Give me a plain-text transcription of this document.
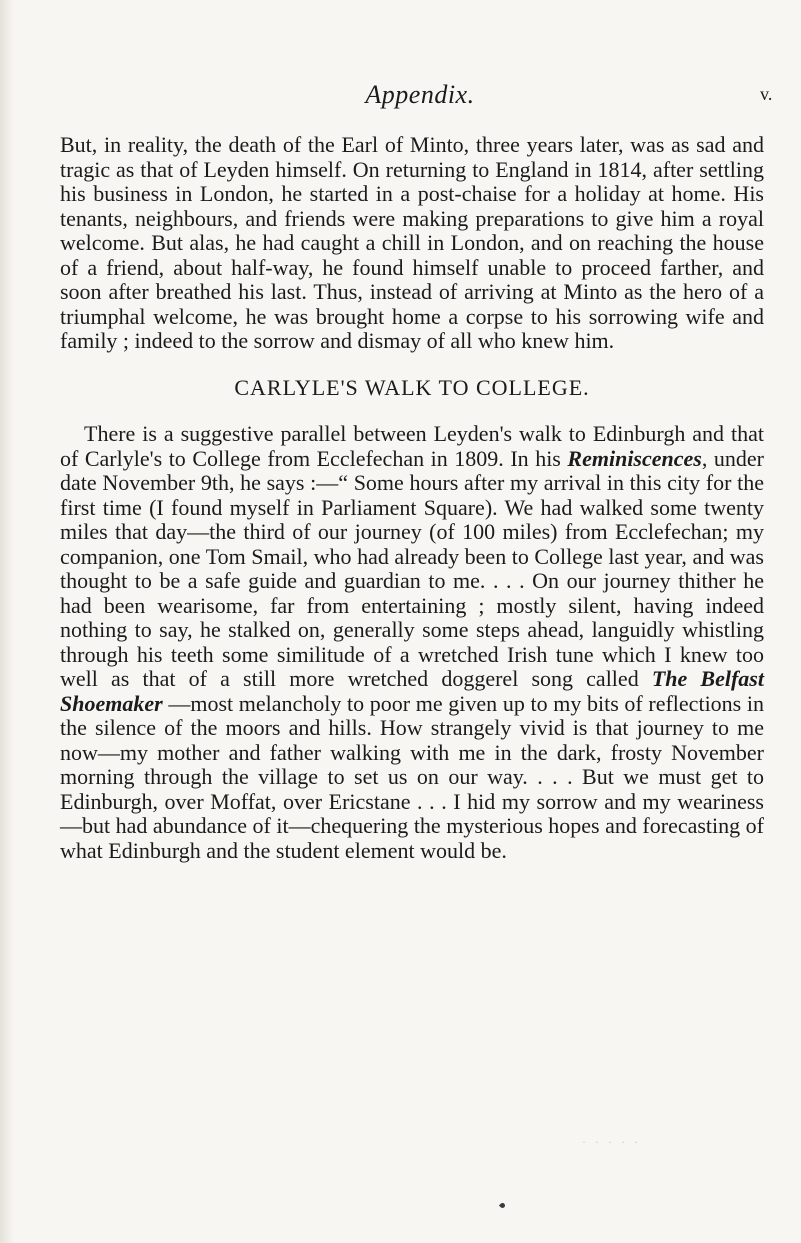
Appendix.	v.

But, in reality, the death of the Earl of Minto, three years later, was as sad and tragic as that of Leyden himself. On returning to England in 1814, after settling his business in London, he started in a post-chaise for a holiday at home. His tenants, neighbours, and friends were making preparations to give him a royal welcome. But alas, he had caught a chill in London, and on reaching the house of a friend, about half-way, he found himself unable to proceed farther, and soon after breathed his last. Thus, instead of arriving at Minto as the hero of a triumphal welcome, he was brought home a corpse to his sorrowing wife and family ; indeed to the sorrow and dismay of all who knew him.

CARLYLE'S WALK TO COLLEGE.

There is a suggestive parallel between Leyden's walk to Edinburgh and that of Carlyle's to College from Ecclefechan in 1809. In his Reminiscences, under date November 9th, he says :—“ Some hours after my arrival in this city for the first time (I found myself in Parliament Square). We had walked some twenty miles that day—the third of our journey (of 100 miles) from Ecclefechan; my companion, one Tom Smail, who had already been to College last year, and was thought to be a safe guide and guardian to me. . . . On our journey thither he had been wearisome, far from entertaining ; mostly silent, having indeed nothing to say, he stalked on, generally some steps ahead, languidly whistling through his teeth some similitude of a wretched Irish tune which I knew too well as that of a still more wretched doggerel song called The Belfast Shoemaker —most melancholy to poor me given up to my bits of reflections in the silence of the moors and hills. How strangely vivid is that journey to me now—my mother and father walking with me in the dark, frosty November morning through the village to set us on our way. . . . But we must get to Edinburgh, over Moffat, over Ericstane . . . I hid my sorrow and my weariness—but had abundance of it—chequering the mysterious hopes and forecasting of what Edinburgh and the student element would be.

· · · · ·
